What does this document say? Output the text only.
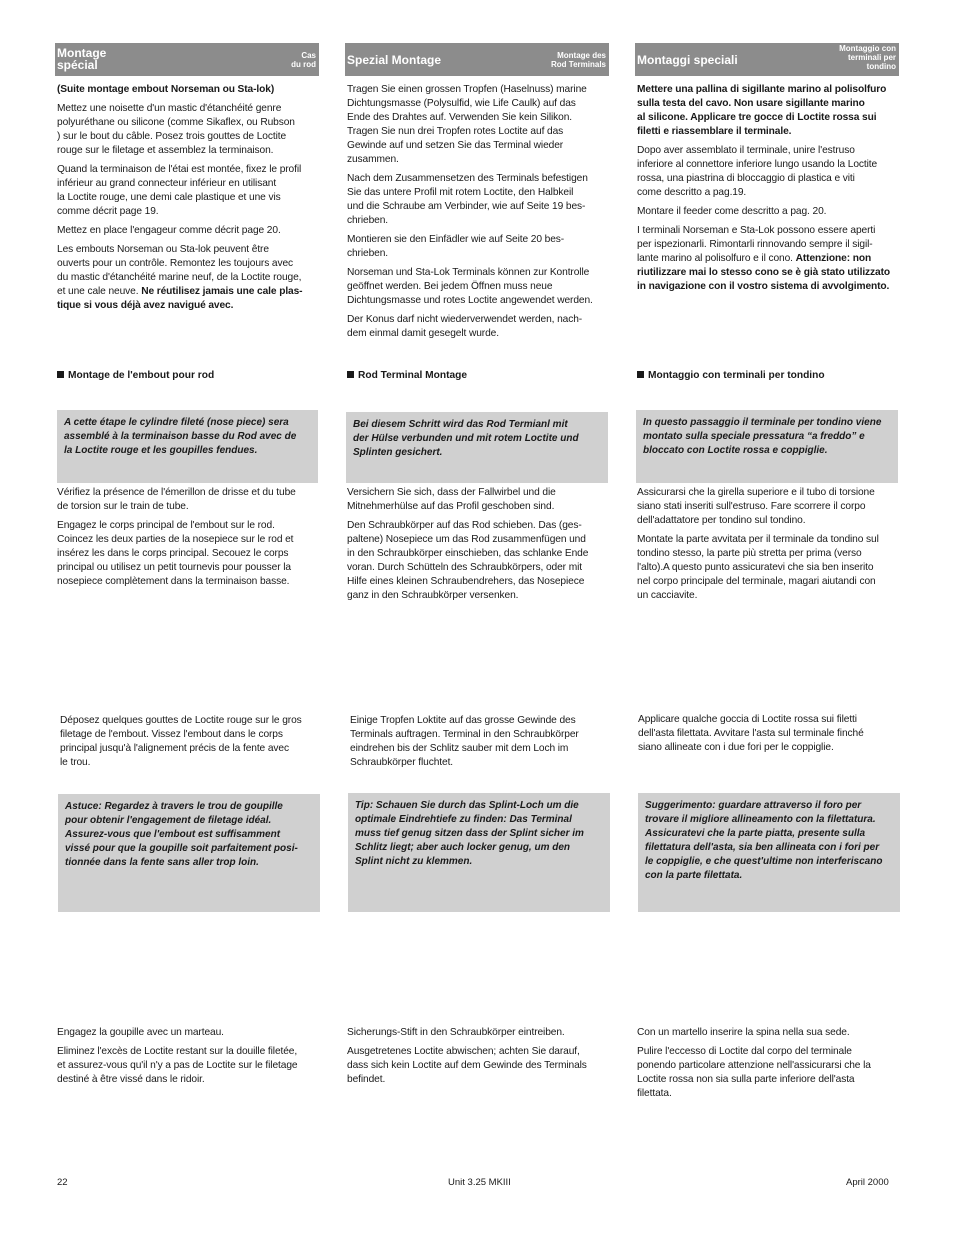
Montage
spécial
Cas
du rod	Spezial Montage	Montage des
Rod Terminals	Montaggi speciali
Montaggio con
terminali per
tondino

(Suite montage embout Norseman ou Sta-lok)

Mettez une noisette d'un mastic d'étanchéité genre
polyuréthane ou silicone (comme Sikaflex, ou Rubson
) sur le bout du câble. Posez trois gouttes de Loctite
rouge sur le filetage et assemblez la terminaison.

Quand la terminaison de l'étai est montée, fixez le profil
inférieur au grand connecteur inférieur en utilisant
la Loctite rouge, une demi cale plastique et une vis
comme décrit page 19.

Mettez en place l'engageur comme décrit page 20.

Les embouts Norseman ou Sta-lok peuvent être
ouverts pour un contrôle. Remontez les toujours avec
du mastic d'étanchéité marine neuf, de la Loctite rouge,
et une cale neuve. Ne réutilisez jamais une cale plas-
tique si vous déjà avez navigué avec.

Montage de l'embout pour rod
A cette étape le cylindre fileté (nose piece) sera
assemblé à la terminaison basse du Rod avec de
la Loctite rouge et les goupilles fendues.

Vérifiez la présence de l'émerillon de drisse et du tube
de torsion sur le train de tube.

Engagez le corps principal de l'embout sur le rod.
Coincez les deux parties de la nosepiece sur le rod et
insérez les dans le corps principal. Secouez le corps
principal ou utilisez un petit tournevis pour pousser la
nosepiece complètement dans la terminaison basse.

Déposez quelques gouttes de Loctite rouge sur le gros
filetage de l'embout. Vissez l'embout dans le corps
principal jusqu'à l'alignement précis de la fente avec
le trou.

Astuce: Regardez à travers le trou de goupille
pour obtenir l'engagement de filetage idéal.
Assurez-vous que l'embout est suffisamment
vissé pour que la goupille soit parfaitement posi-
tionnée dans la fente sans aller trop loin.

Engagez la goupille avec un marteau.

Eliminez l'excès de Loctite restant sur la douille filetée,
et assurez-vous qu'il n'y a pas de Loctite sur le filetage
destiné à être vissé dans le ridoir.

Tragen Sie einen grossen Tropfen (Haselnuss) marine
Dichtungsmasse (Polysulfid, wie Life Caulk) auf das
Ende des Drahtes auf. Verwenden Sie kein Silikon.
Tragen Sie nun drei Tropfen rotes Loctite auf das
Gewinde auf und setzen Sie das Terminal wieder
zusammen.

Nach dem Zusammensetzen des Terminals befestigen
Sie das untere Profil mit rotem Loctite, den Halbkeil
und die Schraube am Verbinder, wie auf Seite 19 bes-
chrieben.

Montieren sie den Einfädler wie auf Seite 20 bes-
chrieben.

Norseman und Sta-Lok Terminals können zur Kontrolle
geöffnet werden. Bei jedem Öffnen muss neue
Dichtungsmasse und rotes Loctite angewendet werden.

Der Konus darf nicht wiederverwendet werden, nach-
dem einmal damit gesegelt wurde.

Rod Terminal Montage
Bei diesem Schritt wird das Rod Termianl mit
der Hülse verbunden und mit rotem Loctite und
Splinten gesichert.

Versichern Sie sich, dass der Fallwirbel und die
Mitnehmerhülse auf das Profil geschoben sind.

Den Schraubkörper auf das Rod schieben. Das (ges-
paltene) Nosepiece um das Rod zusammenfügen und
in den Schraubkörper einschieben, das schlanke Ende
voran. Durch Schütteln des Schraubkörpers, oder mit
Hilfe eines kleinen Schraubendrehers, das Nosepiece
ganz in den Schraubkörper versenken.

Einige Tropfen Loktite auf das grosse Gewinde des
Terminals auftragen. Terminal in den Schraubkörper
eindrehen bis der Schlitz sauber mit dem Loch im
Schraubkörper fluchtet.

Tip: Schauen Sie durch das Splint-Loch um die
optimale Eindrehtiefe zu finden: Das Terminal
muss tief genug sitzen dass der Splint sicher im
Schlitz liegt; aber auch locker genug, um den
Splint nicht zu klemmen.

Sicherungs-Stift in den Schraubkörper eintreiben.

Ausgetretenes Loctite abwischen; achten Sie darauf,
dass sich kein Loctite auf dem Gewinde des Terminals
befindet.

Mettere una pallina di sigillante marino al polisolfuro
sulla testa del cavo. Non usare sigillante marino
al silicone. Applicare tre gocce di Loctite rossa sui
filetti e riassemblare il terminale.

Dopo aver assemblato il terminale, unire l'estruso
inferiore al connettore inferiore lungo usando la Loctite
rossa, una piastrina di bloccaggio di plastica e viti
come descritto a pag.19.

Montare il feeder come descritto a pag. 20.

I terminali Norseman e Sta-Lok possono essere aperti
per ispezionarli. Rimontarli rinnovando sempre il sigil-
lante marino al polisolfuro e il cono. Attenzione: non
riutilizzare mai lo stesso cono se è già stato utilizzato
in navigazione con il vostro sistema di avvolgimento.

Montaggio con terminali per tondino
In questo passaggio il terminale per tondino viene
montato sulla speciale pressatura “a freddo” e
bloccato con Loctite rossa e coppiglie.

Assicurarsi che la girella superiore e il tubo di torsione
siano stati inseriti sull'estruso. Fare scorrere il corpo
dell'adattatore per tondino sul tondino.

Montate la parte avvitata per il terminale da tondino sul
tondino stesso, la parte più stretta per prima (verso
l'alto).A questo punto assicuratevi che sia ben inserito
nel corpo principale del terminale, magari aiutandi con
un cacciavite.

Applicare qualche goccia di Loctite rossa sui filetti
dell'asta filettata. Avvitare l'asta sul terminale finché
siano allineate con i due fori per le coppiglie.

Suggerimento: guardare attraverso il foro per
trovare il migliore allineamento con la filettatura.
Assicuratevi che la parte piatta, presente sulla
filettatura dell'asta, sia ben allineata con i fori per
le coppiglie, e che quest'ultime non interferiscano
con la parte filettata.

Con un martello inserire la spina nella sua sede.

Pulire l'eccesso di Loctite dal corpo del terminale
ponendo particolare attenzione nell'assicurarsi che la
Loctite rossa non sia sulla parte inferiore dell'asta
filettata.

22	Unit 3.25 MKIII	April 2000
